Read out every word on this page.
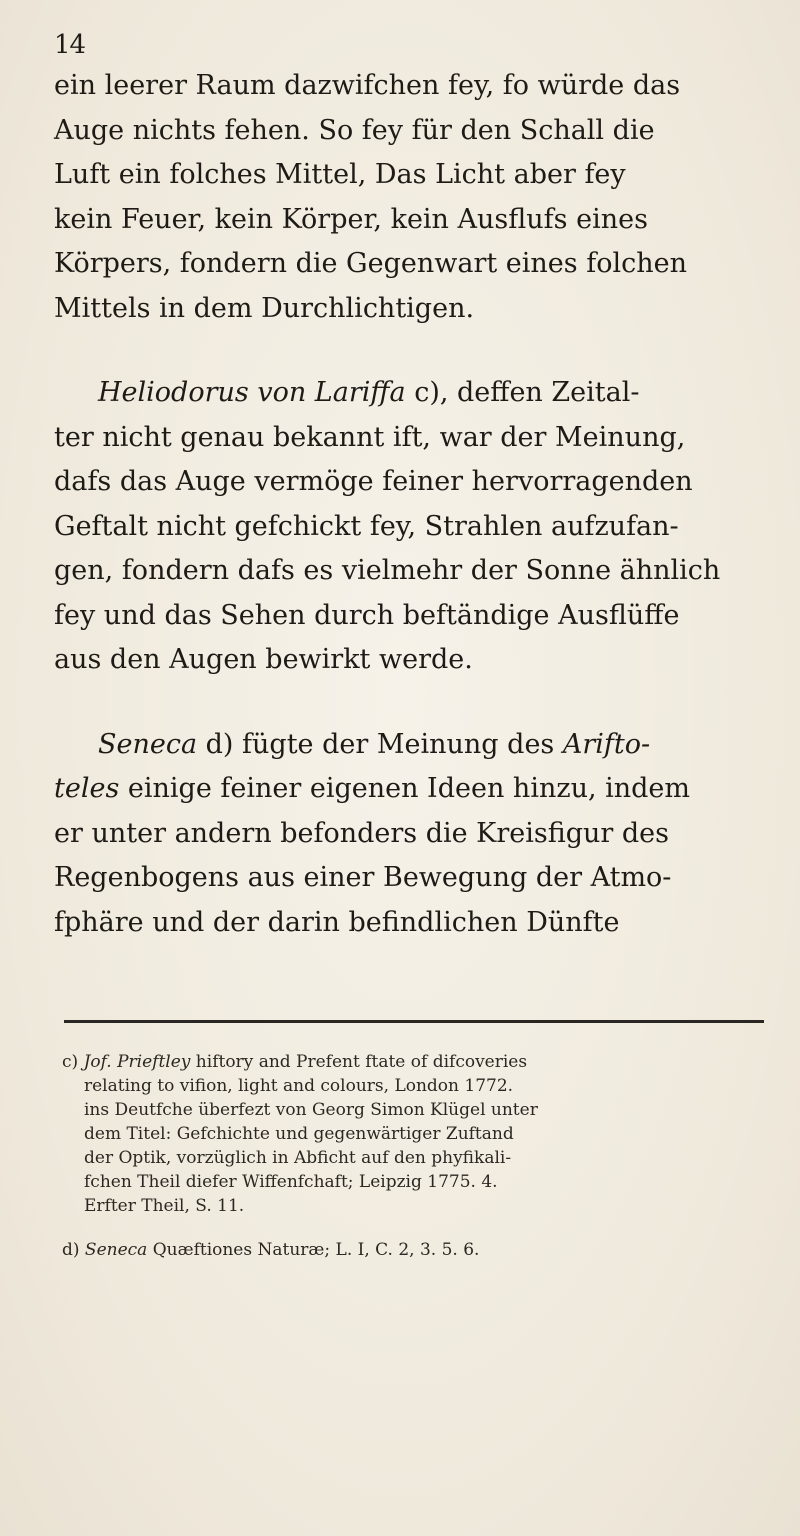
14
ein leerer Raum dazwifchen fey, fo würde das
Auge nichts fehen. So fey für den Schall die
Luft ein folches Mittel, Das Licht aber fey
kein Feuer, kein Körper, kein Ausflufs eines
Körpers, fondern die Gegenwart eines folchen
Mittels in dem Durchlichtigen.
Heliodorus von Lariffa c), deffen Zeital-
ter nicht genau bekannt ift, war der Meinung,
dafs das Auge vermöge feiner hervorragenden
Geftalt nicht gefchickt fey, Strahlen aufzufan-
gen, fondern dafs es vielmehr der Sonne ähnlich
fey und das Sehen durch beftändige Ausflüffe
aus den Augen bewirkt werde.
Seneca d) fügte der Meinung des Arifto-
teles einige feiner eigenen Ideen hinzu, indem
er unter andern befonders die Kreisfigur des
Regenbogens aus einer Bewegung der Atmo-
fphäre und der darin befindlichen Dünfte
c) Jof. Prieftley hiftory and Prefent ftate of difcoveries
relating to vifion, light and colours, London 1772.
ins Deutfche überfezt von Georg Simon Klügel unter
dem Titel: Gefchichte und gegenwärtiger Zuftand
der Optik, vorzüglich in Abficht auf den phyfikali-
fchen Theil diefer Wiffenfchaft; Leipzig 1775. 4.
Erfter Theil, S. 11.
d) Seneca Quæftiones Naturæ; L. I, C. 2, 3. 5. 6.
